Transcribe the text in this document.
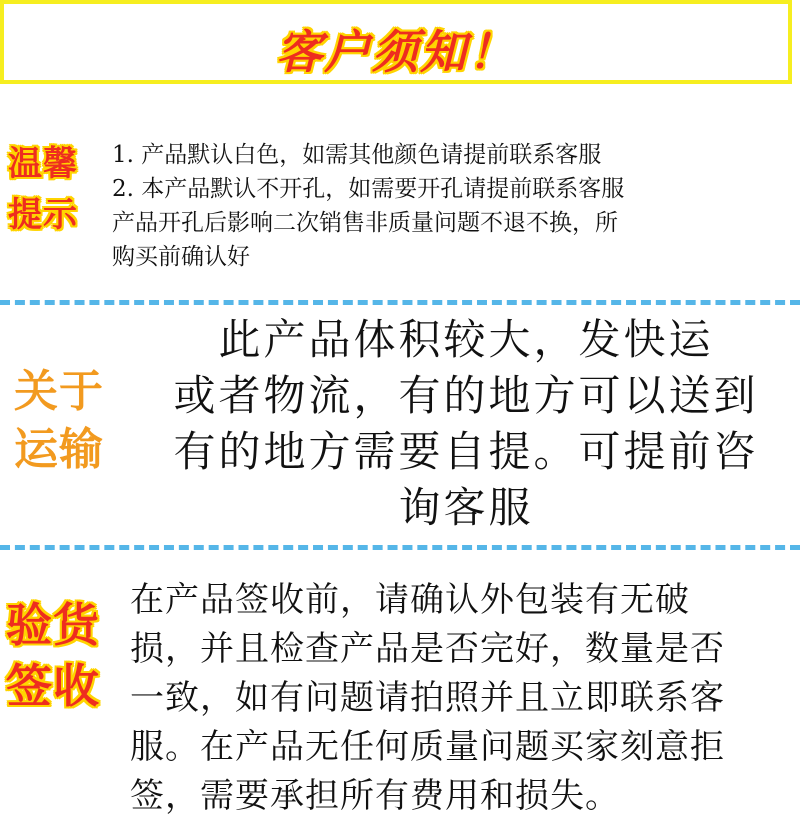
客户须知！
温馨
提示
1. 产品默认白色，如需其他颜色请提前联系客服
2. 本产品默认不开孔，如需要开孔请提前联系客服
产品开孔后影响二次销售非质量问题不退不换，所
购买前确认好
关于
运输
此产品体积较大，发快运
或者物流，有的地方可以送到
有的地方需要自提。可提前咨
询客服
验货
签收
在产品签收前，请确认外包装有无破
损，并且检查产品是否完好，数量是否
一致，如有问题请拍照并且立即联系客
服。在产品无任何质量问题买家刻意拒
签，需要承担所有费用和损失。
